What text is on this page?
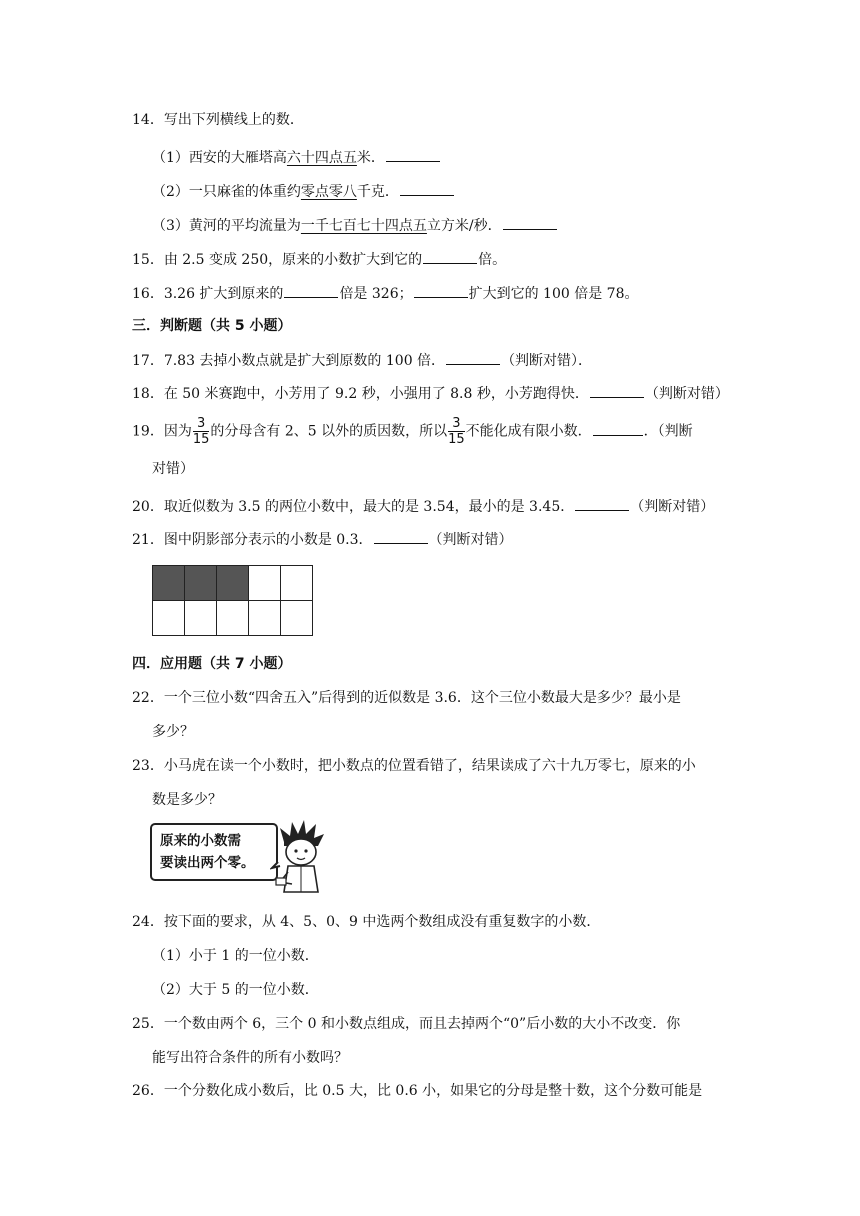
14．写出下列横线上的数．
（1）西安的大雁塔高六十四点五米．
（2）一只麻雀的体重约零点零八千克．
（3）黄河的平均流量为一千七百七十四点五立方米/秒．
15．由 2.5 变成 250，原来的小数扩大到它的	倍。
16．3.26 扩大到原来的	倍是 326；	扩大到它的 100 倍是 78。
三．判断题（共 5 小题）
17．7.83 去掉小数点就是扩大到原数的 100 倍．	（判断对错）．
18．在 50 米赛跑中，小芳用了 9.2 秒，小强用了 8.8 秒，小芳跑得快．	（判断对错）
19．因为 $\frac{3}{15}$ 的分母含有 2、5 以外的质因数，所以 $\frac{3}{15}$ 不能化成有限小数．	．（判断
对错）
20．取近似数为 3.5 的两位小数中，最大的是 3.54，最小的是 3.45．	（判断对错）
21．图中阴影部分表示的小数是 0.3．	（判断对错）

四．应用题（共 7 小题）
22．一个三位小数“四舍五入”后得到的近似数是 3.6．这个三位小数最大是多少？最小是
多少？
23．小马虎在读一个小数时，把小数点的位置看错了，结果读成了六十九万零七，原来的小
数是多少？
原来的小数需
要读出两个零。
24．按下面的要求，从 4、5、0、9 中选两个数组成没有重复数字的小数．
（1）小于 1 的一位小数．
（2）大于 5 的一位小数．
25．一个数由两个 6，三个 0 和小数点组成，而且去掉两个“0”后小数的大小不改变．你
能写出符合条件的所有小数吗？
26．一个分数化成小数后，比 0.5 大，比 0.6 小，如果它的分母是整十数，这个分数可能是
